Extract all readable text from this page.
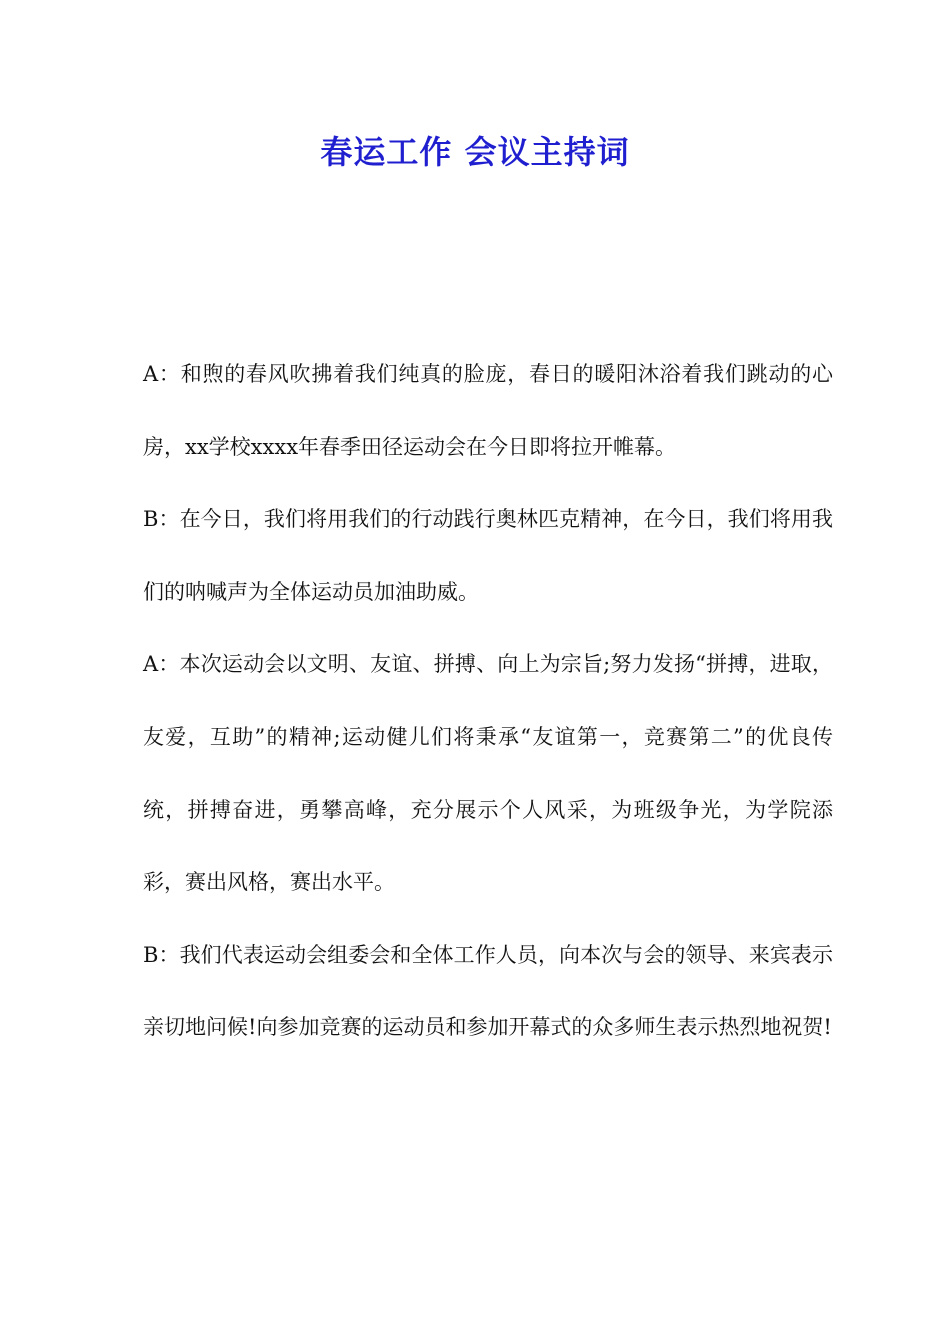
春运工作 会议主持词

A：和煦的春风吹拂着我们纯真的脸庞，春日的暖阳沐浴着我们跳动的心房，xx学校xxxx年春季田径运动会在今日即将拉开帷幕。

B：在今日，我们将用我们的行动践行奥林匹克精神，在今日，我们将用我们的呐喊声为全体运动员加油助威。

A：本次运动会以文明、友谊、拼搏、向上为宗旨;努力发扬“拼搏，进取，友爱，互助”的精神;运动健儿们将秉承“友谊第一，竞赛第二”的优良传统，拼搏奋进，勇攀高峰，充分展示个人风采，为班级争光，为学院添彩，赛出风格，赛出水平。

B：我们代表运动会组委会和全体工作人员，向本次与会的领导、来宾表示亲切地问候!向参加竞赛的运动员和参加开幕式的众多师生表示热烈地祝贺!
